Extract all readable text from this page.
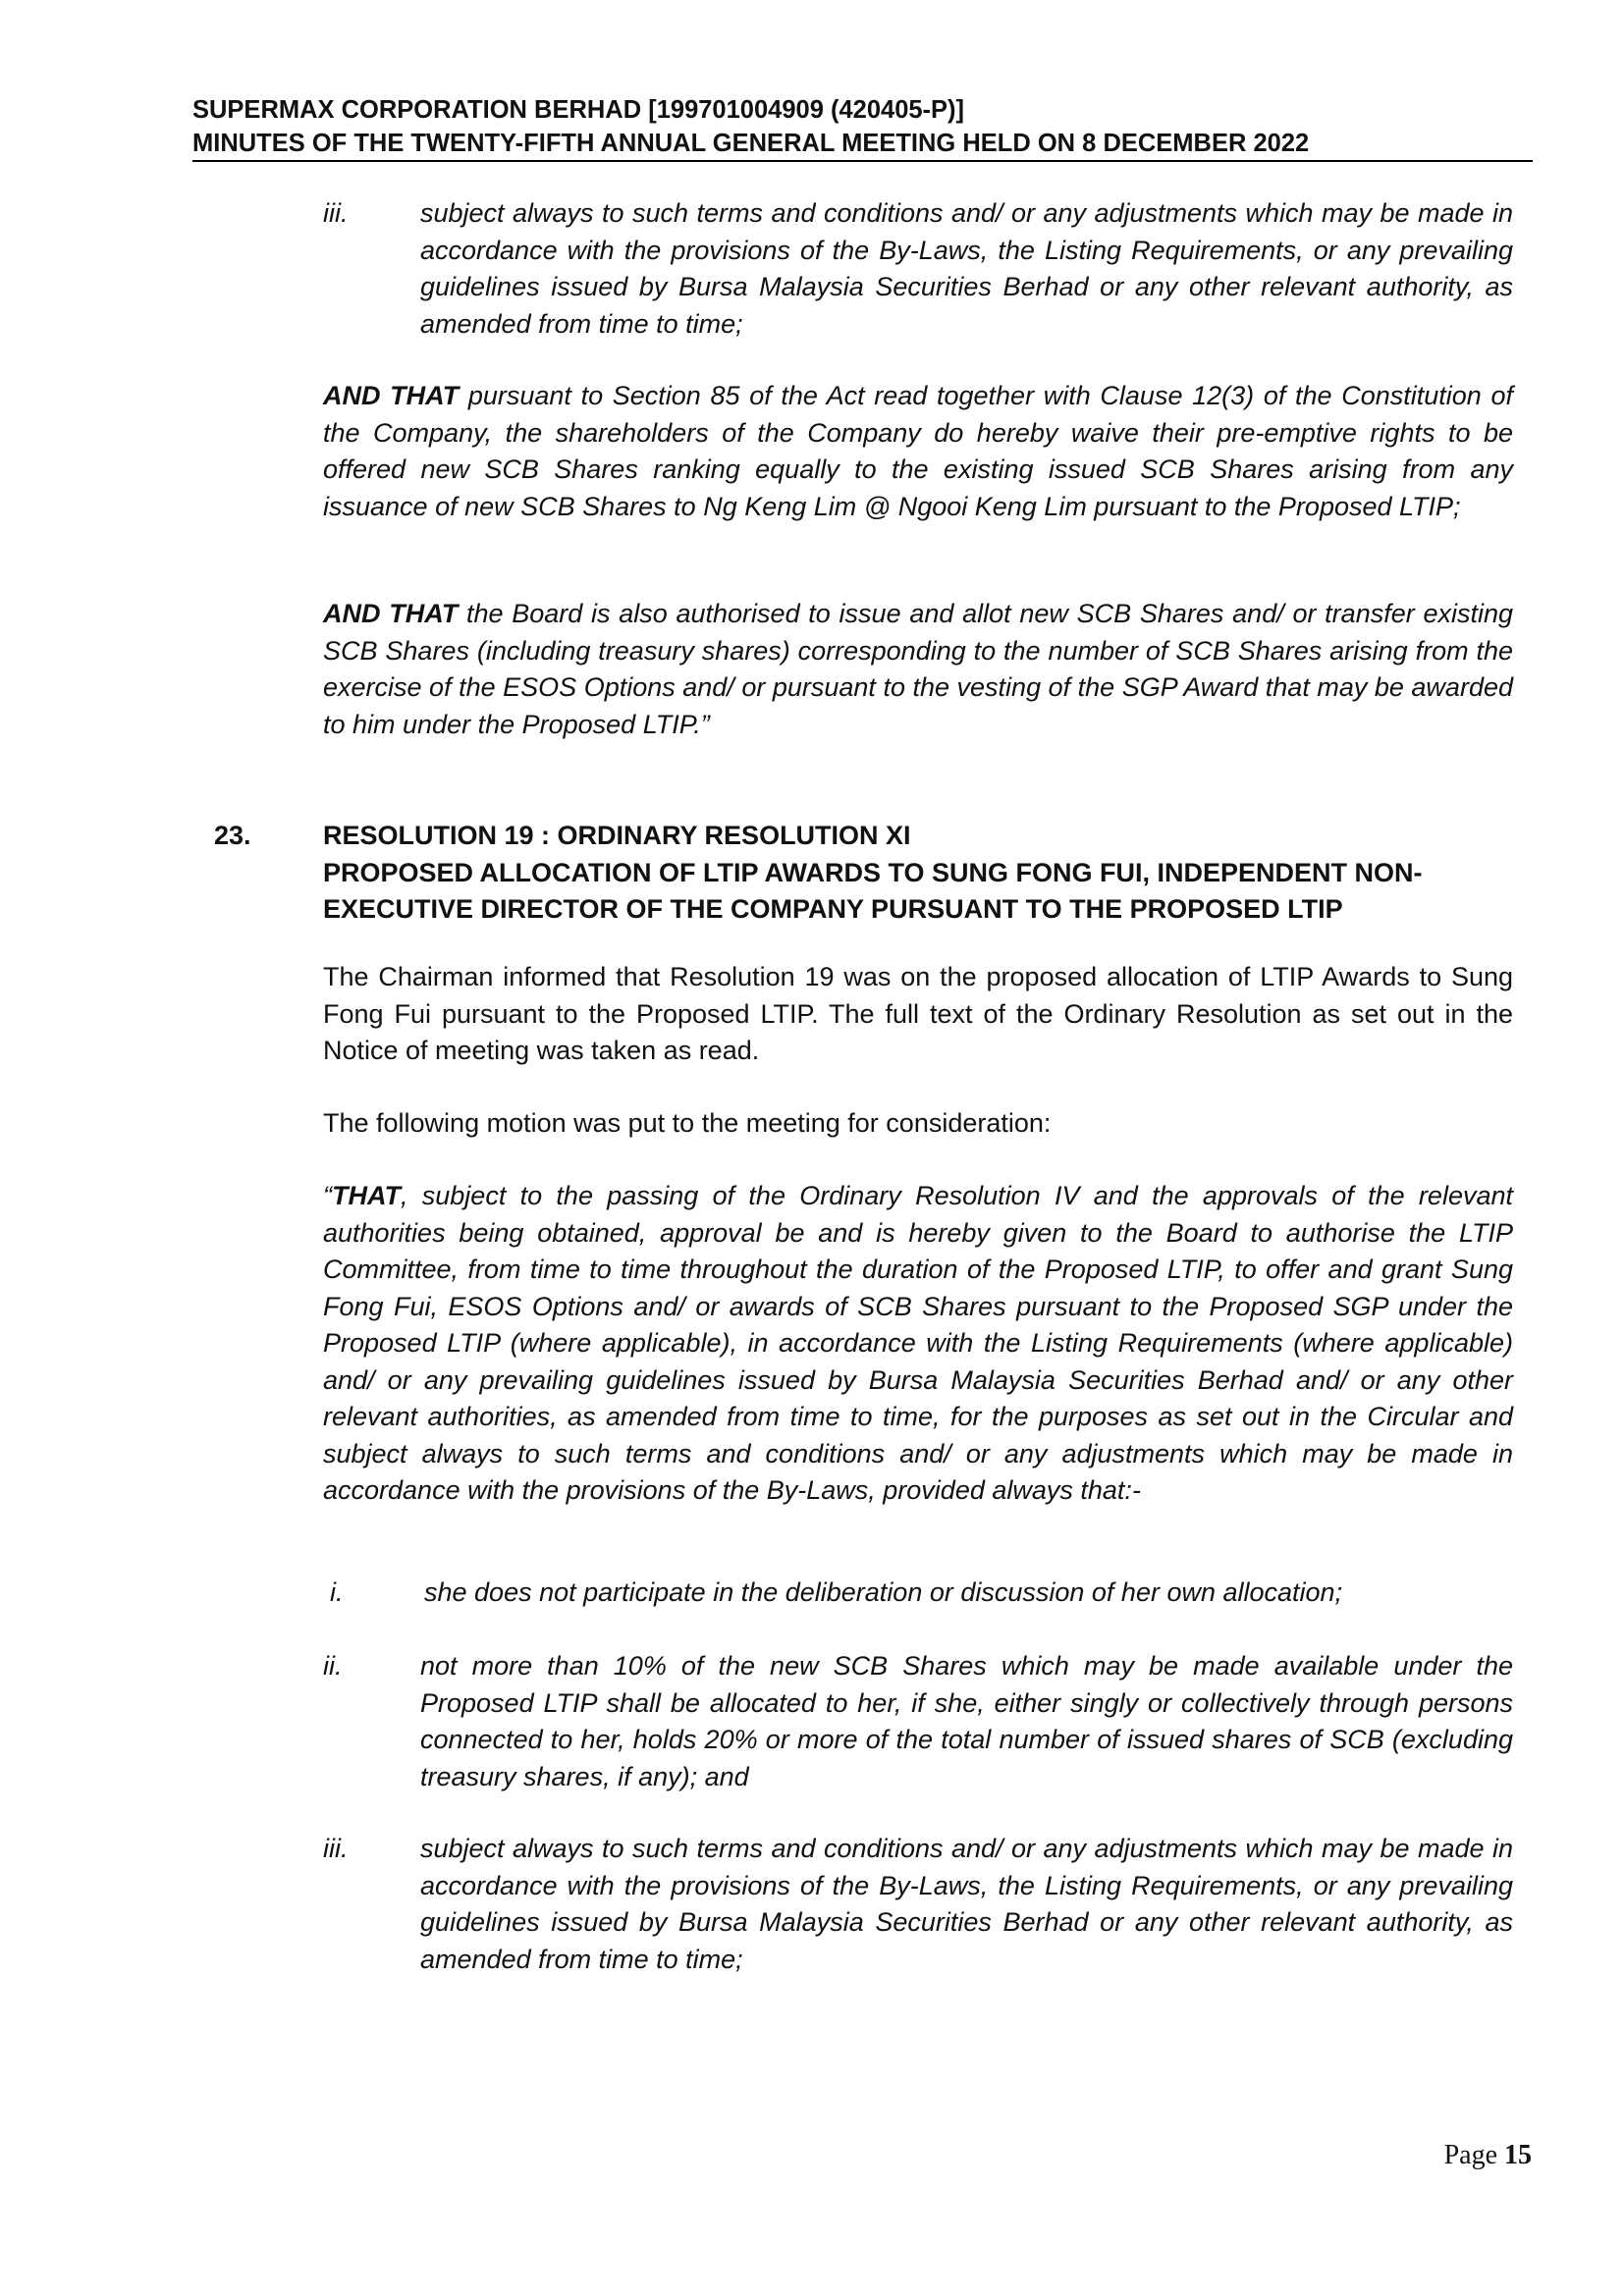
SUPERMAX CORPORATION BERHAD [199701004909 (420405-P)]
MINUTES OF THE TWENTY-FIFTH ANNUAL GENERAL MEETING HELD ON 8 DECEMBER 2022
iii.	subject always to such terms and conditions and/ or any adjustments which may be made in accordance with the provisions of the By-Laws, the Listing Requirements, or any prevailing guidelines issued by Bursa Malaysia Securities Berhad or any other relevant authority, as amended from time to time;
AND THAT pursuant to Section 85 of the Act read together with Clause 12(3) of the Constitution of the Company, the shareholders of the Company do hereby waive their pre-emptive rights to be offered new SCB Shares ranking equally to the existing issued SCB Shares arising from any issuance of new SCB Shares to Ng Keng Lim @ Ngooi Keng Lim pursuant to the Proposed LTIP;
AND THAT the Board is also authorised to issue and allot new SCB Shares and/ or transfer existing SCB Shares (including treasury shares) corresponding to the number of SCB Shares arising from the exercise of the ESOS Options and/ or pursuant to the vesting of the SGP Award that may be awarded to him under the Proposed LTIP.”
23.	RESOLUTION 19 : ORDINARY RESOLUTION XI
PROPOSED ALLOCATION OF LTIP AWARDS TO SUNG FONG FUI, INDEPENDENT NON-EXECUTIVE DIRECTOR OF THE COMPANY PURSUANT TO THE PROPOSED LTIP
The Chairman informed that Resolution 19 was on the proposed allocation of LTIP Awards to Sung Fong Fui pursuant to the Proposed LTIP. The full text of the Ordinary Resolution as set out in the Notice of meeting was taken as read.
The following motion was put to the meeting for consideration:
“THAT, subject to the passing of the Ordinary Resolution IV and the approvals of the relevant authorities being obtained, approval be and is hereby given to the Board to authorise the LTIP Committee, from time to time throughout the duration of the Proposed LTIP, to offer and grant Sung Fong Fui, ESOS Options and/ or awards of SCB Shares pursuant to the Proposed SGP under the Proposed LTIP (where applicable), in accordance with the Listing Requirements (where applicable) and/ or any prevailing guidelines issued by Bursa Malaysia Securities Berhad and/ or any other relevant authorities, as amended from time to time, for the purposes as set out in the Circular and subject always to such terms and conditions and/ or any adjustments which may be made in accordance with the provisions of the By-Laws, provided always that:-
i.	she does not participate in the deliberation or discussion of her own allocation;
ii.	not more than 10% of the new SCB Shares which may be made available under the Proposed LTIP shall be allocated to her, if she, either singly or collectively through persons connected to her, holds 20% or more of the total number of issued shares of SCB (excluding treasury shares, if any); and
iii.	subject always to such terms and conditions and/ or any adjustments which may be made in accordance with the provisions of the By-Laws, the Listing Requirements, or any prevailing guidelines issued by Bursa Malaysia Securities Berhad or any other relevant authority, as amended from time to time;
Page 15
